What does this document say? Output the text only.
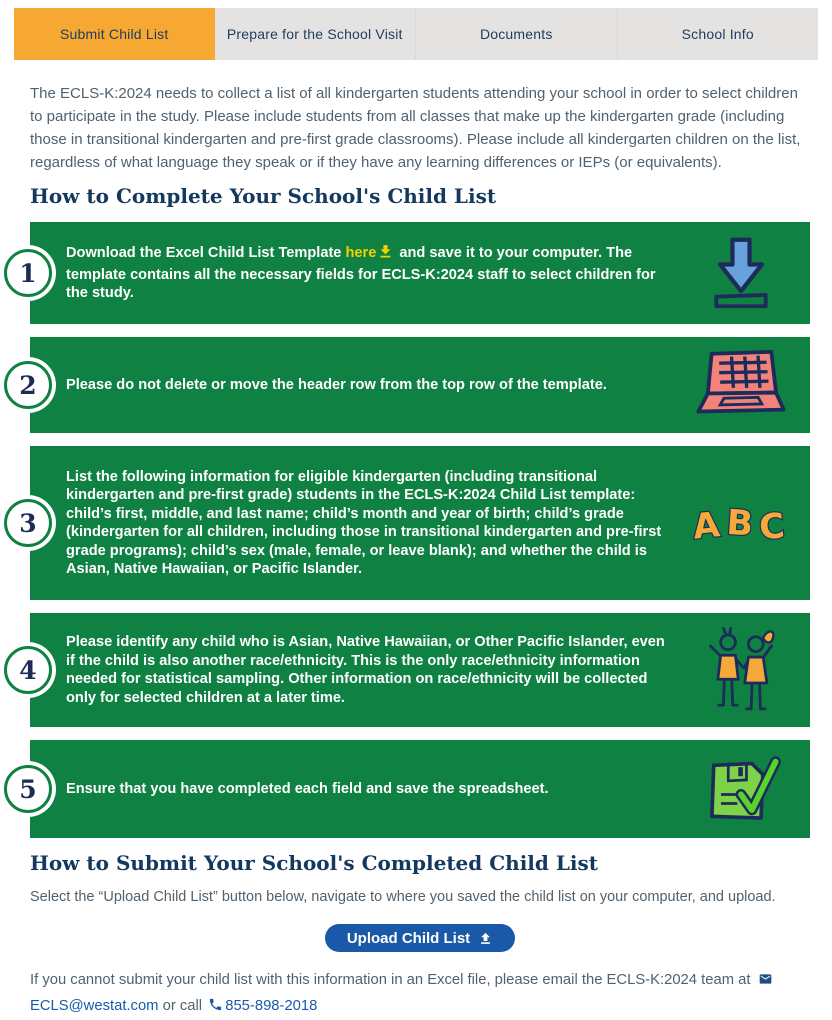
Submit Child List	Prepare for the School Visit	Documents	School Info

The ECLS-K:2024 needs to collect a list of all kindergarten students attending your school in order to select children to participate in the study. Please include students from all classes that make up the kindergarten grade (including those in transitional kindergarten and pre-first grade classrooms). Please include all kindergarten children on the list, regardless of what language they speak or if they have any learning differences or IEPs (or equivalents).

How to Complete Your School's Child List
1
Download the Excel Child List Template here and save it to your computer. The template contains all the necessary fields for ECLS-K:2024 staff to select children for the study.
2	Please do not delete or move the header row from the top row of the template.
3
List the following information for eligible kindergarten (including transitional kindergarten and pre-first grade) students in the ECLS-K:2024 Child List template: child’s first, middle, and last name; child’s month and year of birth; child’s grade (kindergarten for all children, including those in transitional kindergarten and pre-first grade programs); child’s sex (male, female, or leave blank); and whether the child is Asian, Native Hawaiian, or Pacific Islander.
A B C
4
Please identify any child who is Asian, Native Hawaiian, or Other Pacific Islander, even if the child is also another race/ethnicity. This is the only race/ethnicity information needed for statistical sampling. Other information on race/ethnicity will be collected only for selected children at a later time.
5	Ensure that you have completed each field and save the spreadsheet.
How to Submit Your School's Completed Child List

Select the “Upload Child List” button below, navigate to where you saved the child list on your computer, and upload.

Upload Child List

If you cannot submit your child list with this information in an Excel file, please email the ECLS-K:2024 team at ECLS@westat.com or call 855-898-2018
